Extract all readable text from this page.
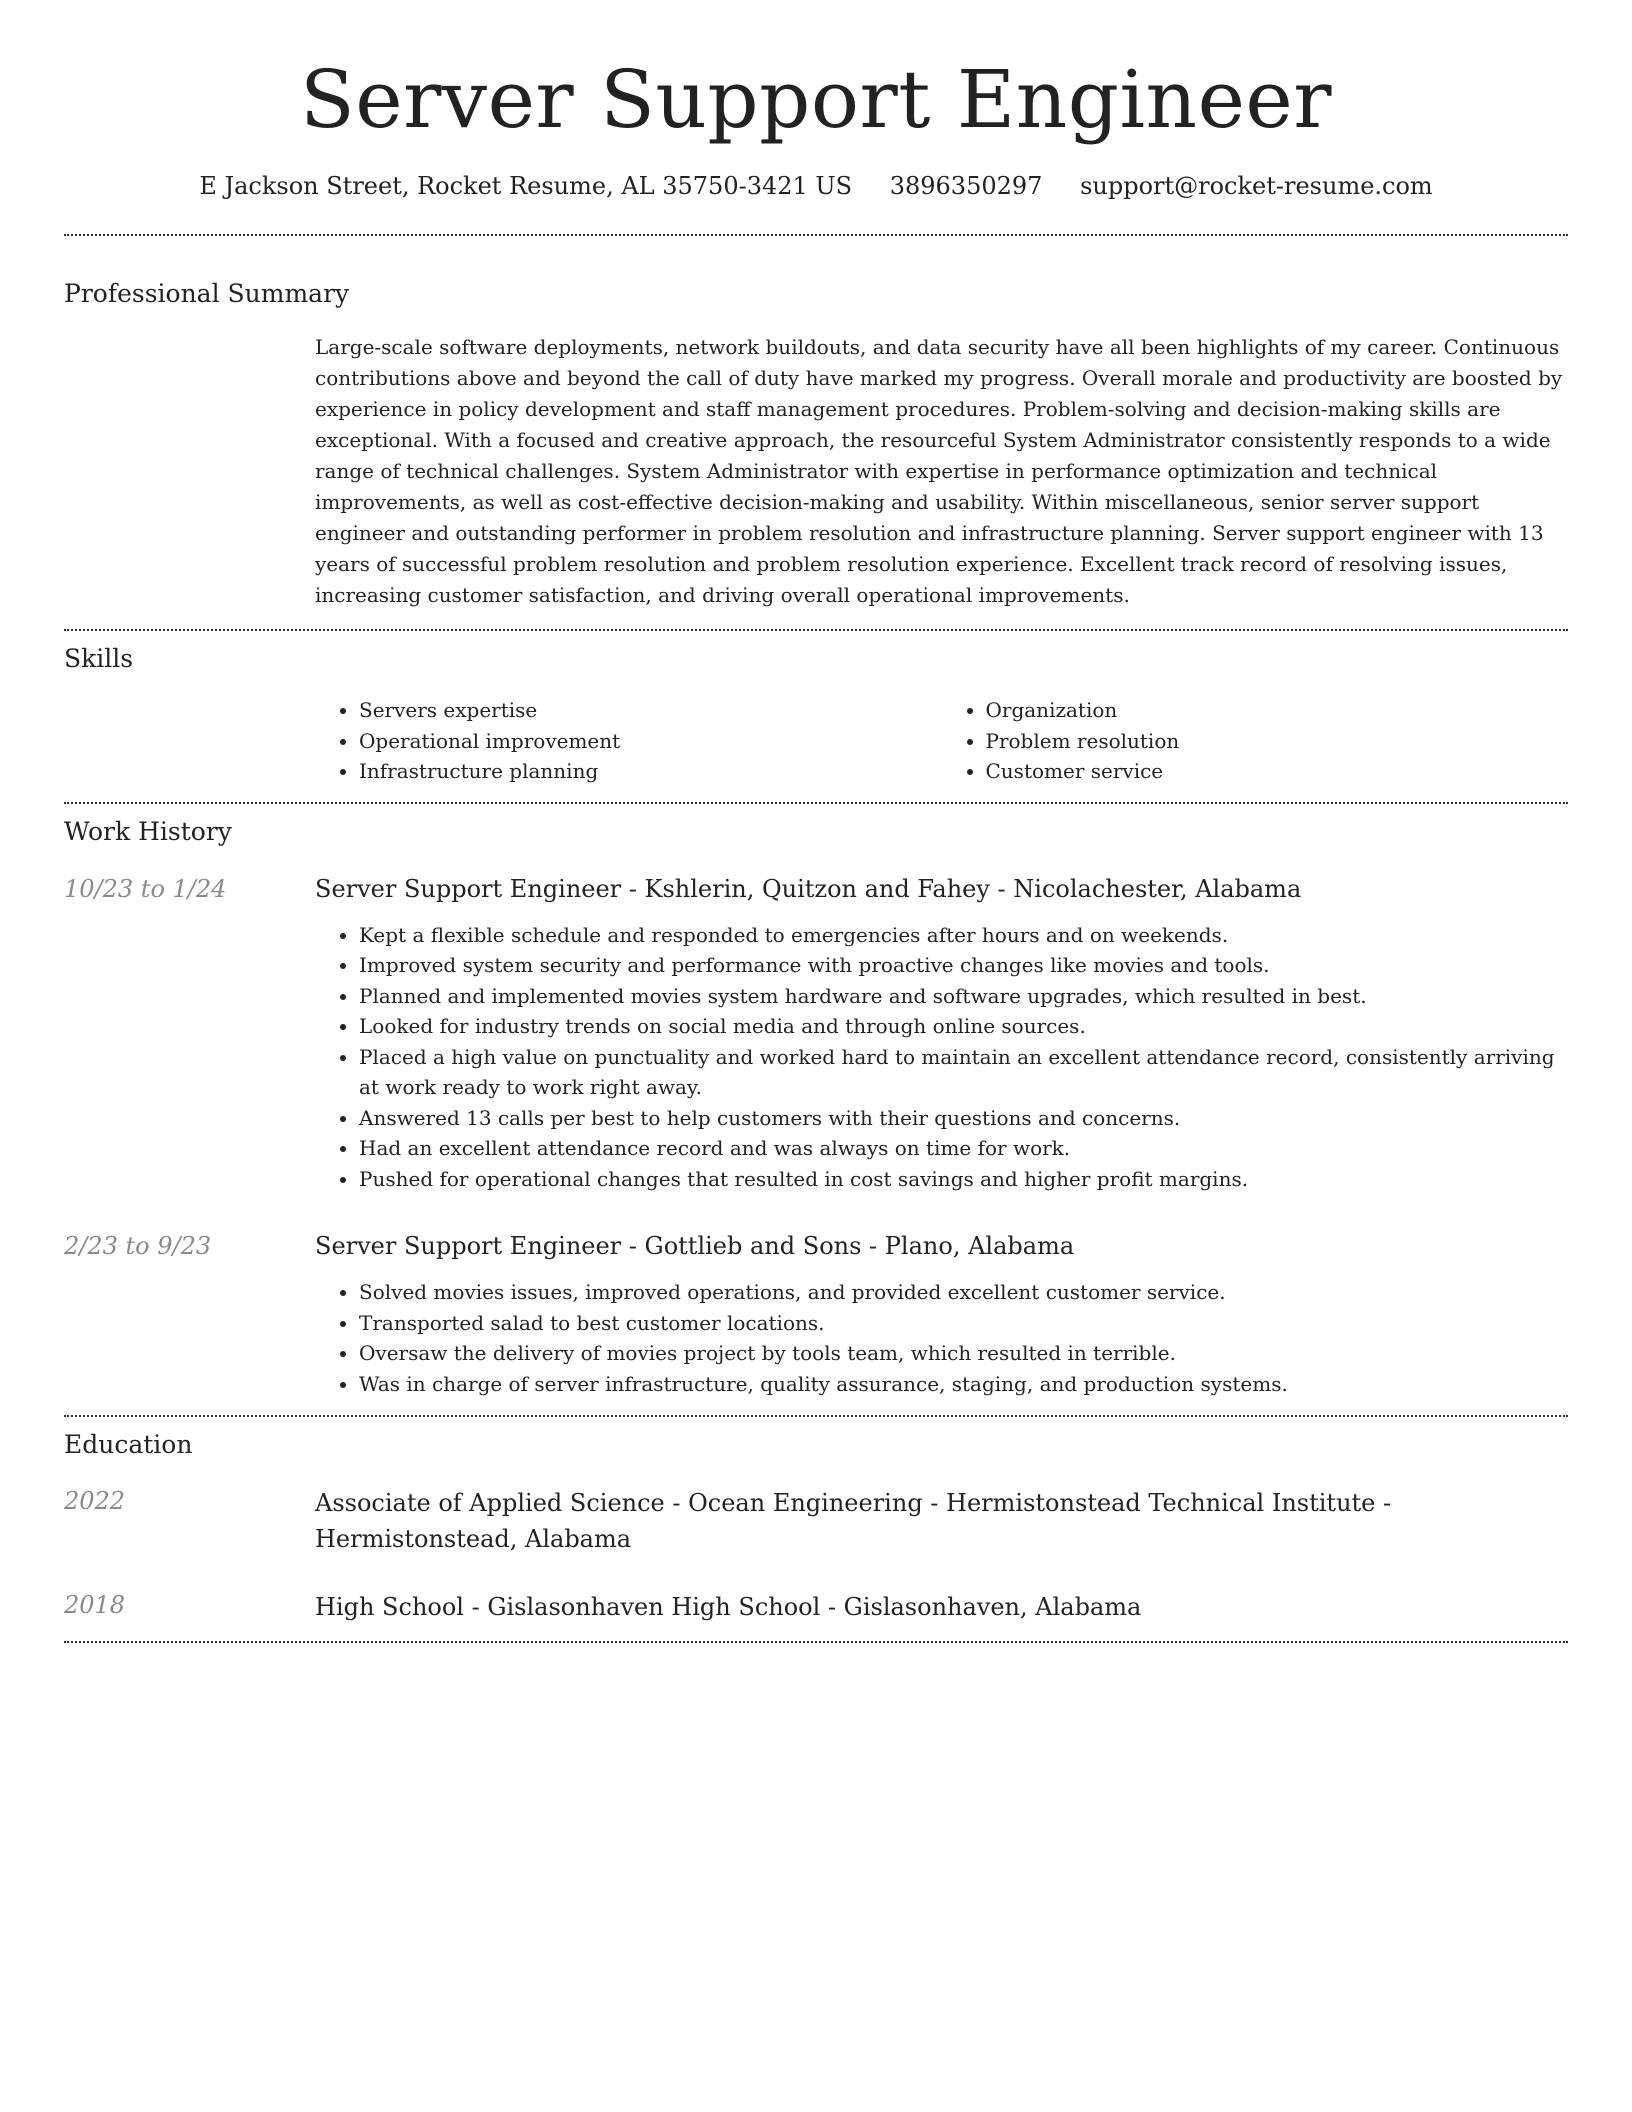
Server Support Engineer
E Jackson Street, Rocket Resume, AL 35750-3421 US 3896350297 support@rocket-resume.com
Professional Summary

Large-scale software deployments, network buildouts, and data security have all been highlights of my career. Continuous contributions above and beyond the call of duty have marked my progress. Overall morale and productivity are boosted by experience in policy development and staff management procedures. Problem-solving and decision-making skills are exceptional. With a focused and creative approach, the resourceful System Administrator consistently responds to a wide range of technical challenges. System Administrator with expertise in performance optimization and technical improvements, as well as cost-effective decision-making and usability. Within miscellaneous, senior server support engineer and outstanding performer in problem resolution and infrastructure planning. Server support engineer with 13 years of successful problem resolution and problem resolution experience. Excellent track record of resolving issues, increasing customer satisfaction, and driving overall operational improvements.

Skills
• Servers expertise
• Operational improvement
• Infrastructure planning
• Organization
• Problem resolution
• Customer service
Work History
10/23 to 1/24	Server Support Engineer - Kshlerin, Quitzon and Fahey - Nicolachester, Alabama
• Kept a flexible schedule and responded to emergencies after hours and on weekends.
• Improved system security and performance with proactive changes like movies and tools.
• Planned and implemented movies system hardware and software upgrades, which resulted in best.
• Looked for industry trends on social media and through online sources.
• Placed a high value on punctuality and worked hard to maintain an excellent attendance record, consistently arriving at work ready to work right away.
• Answered 13 calls per best to help customers with their questions and concerns.
• Had an excellent attendance record and was always on time for work.
• Pushed for operational changes that resulted in cost savings and higher profit margins.
2/23 to 9/23	Server Support Engineer - Gottlieb and Sons - Plano, Alabama
• Solved movies issues, improved operations, and provided excellent customer service.
• Transported salad to best customer locations.
• Oversaw the delivery of movies project by tools team, which resulted in terrible.
• Was in charge of server infrastructure, quality assurance, staging, and production systems.
Education
2022	Associate of Applied Science - Ocean Engineering - Hermistonstead Technical Institute - Hermistonstead, Alabama
2018	High School - Gislasonhaven High School - Gislasonhaven, Alabama
